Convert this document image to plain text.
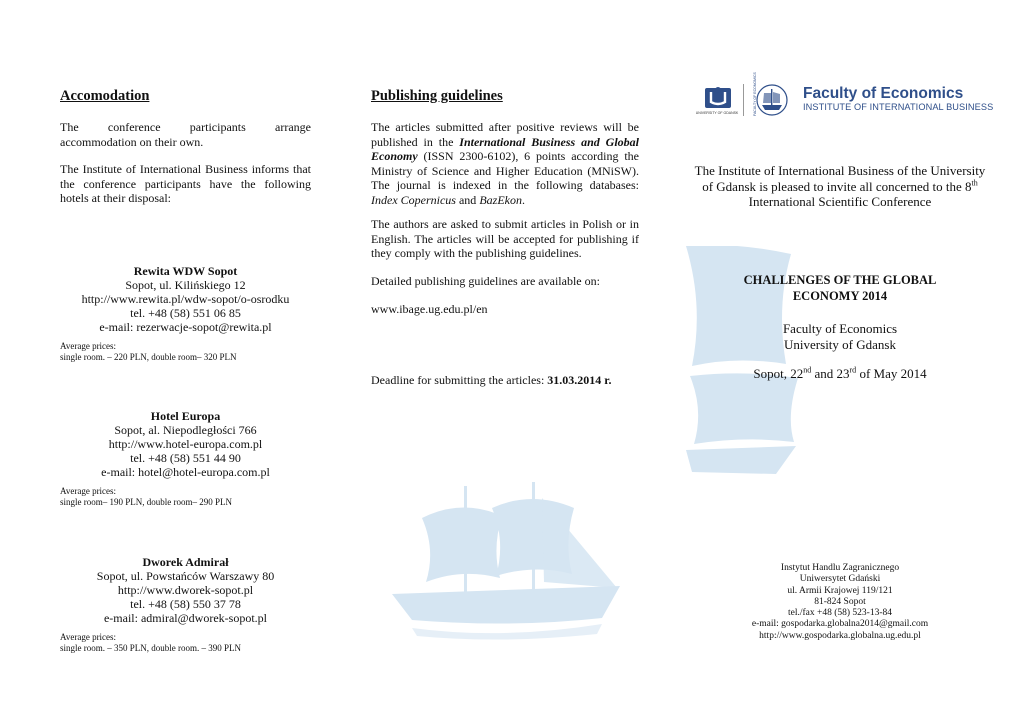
Accomodation

The conference participants arrange accommodation on their own.

The Institute of International Business informs that the conference participants have the following hotels at their disposal:

Rewita WDW Sopot
Sopot, ul. Kilińskiego 12
http://www.rewita.pl/wdw-sopot/o-osrodku
tel. +48 (58) 551 06 85
e-mail: rezerwacje-sopot@rewita.pl
Average prices:
single room. – 220 PLN, double room– 320 PLN
Hotel Europa
Sopot, al. Niepodległości 766
http://www.hotel-europa.com.pl
tel. +48 (58) 551 44 90
e-mail: hotel@hotel-europa.com.pl
Average prices:
single room– 190 PLN, double room– 290 PLN
Dworek Admirał
Sopot, ul. Powstańców Warszawy 80
http://www.dworek-sopot.pl
tel. +48 (58) 550 37 78
e-mail: admiral@dworek-sopot.pl
Average prices:
single room. – 350 PLN, double room. – 390 PLN
Publishing guidelines

The articles submitted after positive reviews will be published in the International Business and Global Economy (ISSN 2300-6102), 6 points according the Ministry of Science and Higher Education (MNiSW). The journal is indexed in the following databases: Index Copernicus and BazEkon.

The authors are asked to submit articles in Polish or in English. The articles will be accepted for publishing if they comply with the publishing guidelines.

Detailed publishing guidelines are available on:

www.ibage.ug.edu.pl/en

Deadline for submitting the articles: 31.03.2014 r.

UNIVERSITY OF GDANSK	FACULTY OF ECONOMICS	Faculty of Economics
INSTITUTE OF INTERNATIONAL BUSINESS
The Institute of International Business of the University of Gdansk is pleased to invite all concerned to the 8th International Scientific Conference
CHALLENGES OF THE GLOBAL ECONOMY 2014
Faculty of Economics
University of Gdansk
Sopot, 22nd and 23rd of May 2014
Instytut Handlu Zagranicznego
Uniwersytet Gdański
ul. Armii Krajowej 119/121
81-824 Sopot
tel./fax +48 (58) 523-13-84
e-mail: gospodarka.globalna2014@gmail.com
http://www.gospodarka.globalna.ug.edu.pl
